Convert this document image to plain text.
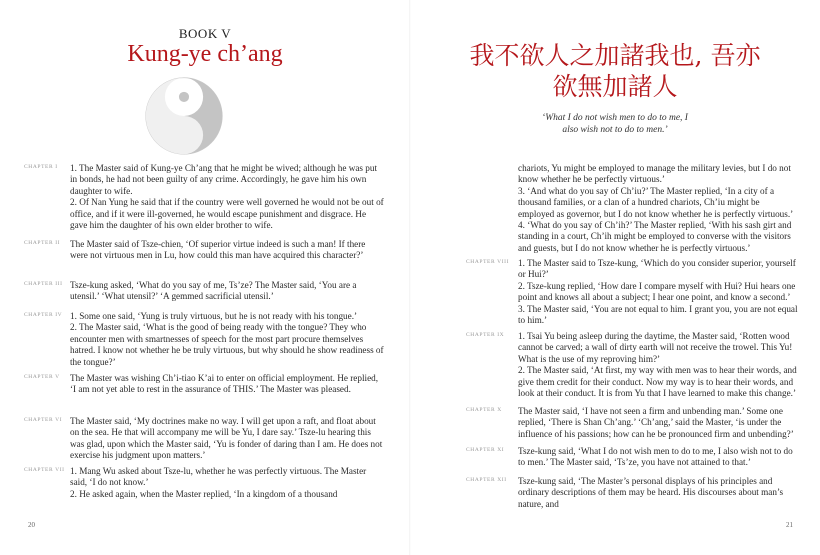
BOOK V
Kung-ye ch’ang
CHAPTER I 1. The Master said of Kung-ye Ch’ang that he might be wived; although he was put in bonds, he had not been guilty of any crime. Accordingly, he gave him his own daughter to wife.

2. Of Nan Yung he said that if the country were well governed he would not be out of office, and if it were ill-governed, he would escape punishment and disgrace. He gave him the daughter of his own elder brother to wife.

CHAPTER II The Master said of Tsze-chien, ‘Of superior virtue indeed is such a man! If there were not virtuous men in Lu, how could this man have acquired this character?’

CHAPTER III Tsze-kung asked, ‘What do you say of me, Ts’ze? The Master said, ‘You are a utensil.’ ‘What utensil?’ ‘A gemmed sacrificial utensil.’

CHAPTER IV 1. Some one said, ‘Yung is truly virtuous, but he is not ready with his tongue.’

2. The Master said, ‘What is the good of being ready with the tongue? They who encounter men with smartnesses of speech for the most part procure themselves hatred. I know not whether he be truly virtuous, but why should he show readiness of the tongue?’

CHAPTER V The Master was wishing Ch’i-tiao K’ai to enter on official employment. He replied, ‘I am not yet able to rest in the assurance of THIS.’ The Master was pleased.

CHAPTER VI The Master said, ‘My doctrines make no way. I will get upon a raft, and float about on the sea. He that will accompany me will be Yu, I dare say.’ Tsze-lu hearing this was glad, upon which the Master said, ‘Yu is fonder of daring than I am. He does not exercise his judgment upon matters.’

CHAPTER VII 1. Mang Wu asked about Tsze-lu, whether he was perfectly virtuous. The Master said, ‘I do not know.’

2. He asked again, when the Master replied, ‘In a kingdom of a thousand

20
我不欲人之加諸我也, 吾亦
欲無加諸人
‘What I do not wish men to do to me, I
also wish not to do to men.’

chariots, Yu might be employed to manage the military levies, but I do not know whether he be perfectly virtuous.’

3. ‘And what do you say of Ch’iu?’ The Master replied, ‘In a city of a thousand families, or a clan of a hundred chariots, Ch’iu might be employed as governor, but I do not know whether he is perfectly virtuous.’

4. ‘What do you say of Ch’ih?’ The Master replied, ‘With his sash girt and standing in a court, Ch’ih might be employed to converse with the visitors and guests, but I do not know whether he is perfectly virtuous.’

CHAPTER VIII 1. The Master said to Tsze-kung, ‘Which do you consider superior, yourself or Hui?’

2. Tsze-kung replied, ‘How dare I compare myself with Hui? Hui hears one point and knows all about a subject; I hear one point, and know a second.’

3. The Master said, ‘You are not equal to him. I grant you, you are not equal to him.’

CHAPTER IX 1. Tsai Yu being asleep during the daytime, the Master said, ‘Rotten wood cannot be carved; a wall of dirty earth will not receive the trowel. This Yu! What is the use of my reproving him?’

2. The Master said, ‘At first, my way with men was to hear their words, and give them credit for their conduct. Now my way is to hear their words, and look at their conduct. It is from Yu that I have learned to make this change.’

CHAPTER X The Master said, ‘I have not seen a firm and unbending man.’ Some one replied, ‘There is Shan Ch’ang.’ ‘Ch’ang,’ said the Master, ‘is under the influence of his passions; how can he be pronounced firm and unbending?’

CHAPTER XI Tsze-kung said, ‘What I do not wish men to do to me, I also wish not to do to men.’ The Master said, ‘Ts’ze, you have not attained to that.’

CHAPTER XII Tsze-kung said, ‘The Master’s personal displays of his principles and ordinary descriptions of them may be heard. His discourses about man’s nature, and

21
